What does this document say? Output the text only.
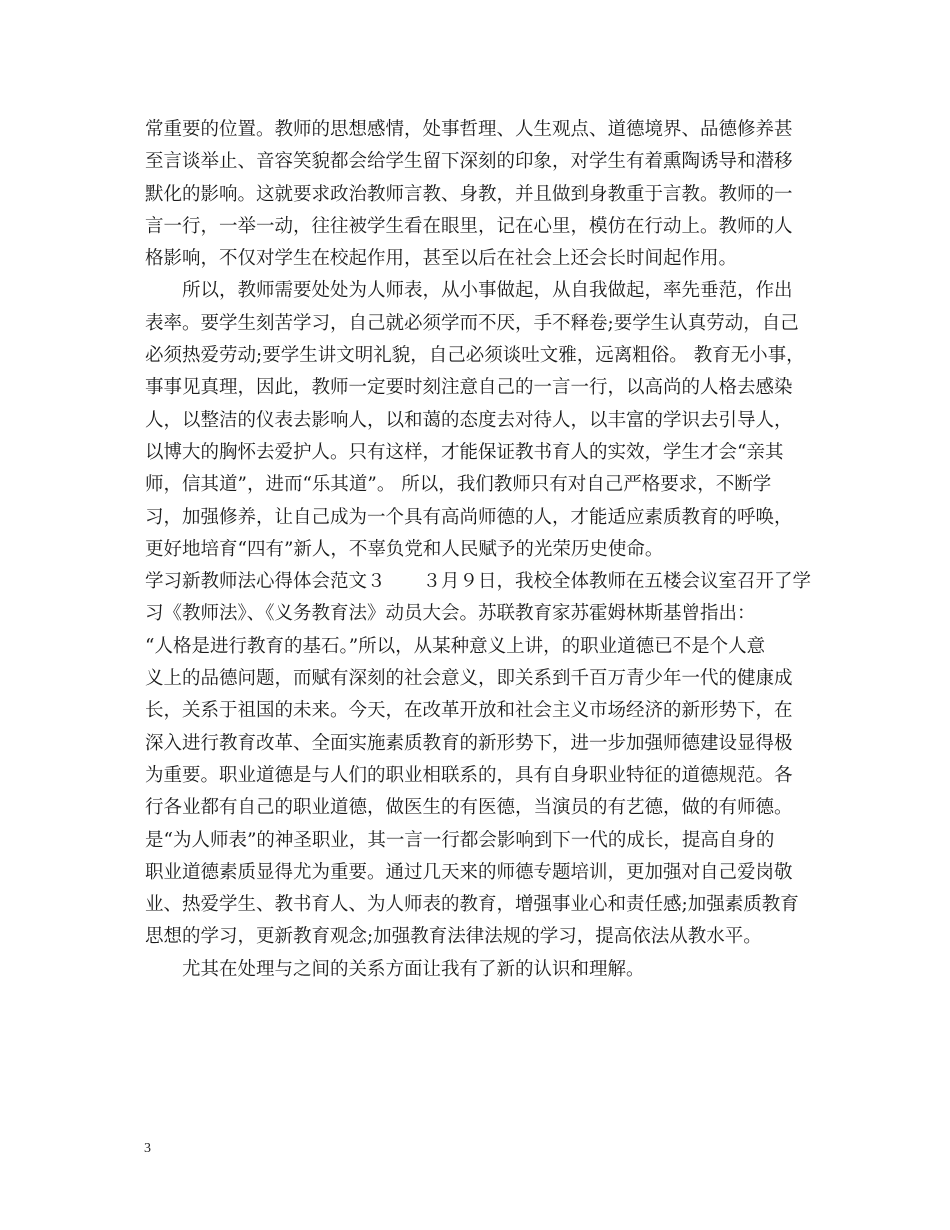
常重要的位置。教师的思想感情，处事哲理、人生观点、道德境界、品德修养甚
至言谈举止、音容笑貌都会给学生留下深刻的印象，对学生有着熏陶诱导和潜移
默化的影响。这就要求政治教师言教、身教，并且做到身教重于言教。教师的一
言一行，一举一动，往往被学生看在眼里，记在心里，模仿在行动上。教师的人
格影响，不仅对学生在校起作用，甚至以后在社会上还会长时间起作用。
　　所以，教师需要处处为人师表，从小事做起，从自我做起，率先垂范，作出
表率。要学生刻苦学习，自己就必须学而不厌，手不释卷;要学生认真劳动，自己
必须热爱劳动;要学生讲文明礼貌，自己必须谈吐文雅，远离粗俗。 教育无小事，
事事见真理，因此，教师一定要时刻注意自己的一言一行，以高尚的人格去感染
人，以整洁的仪表去影响人，以和蔼的态度去对待人，以丰富的学识去引导人，
以博大的胸怀去爱护人。只有这样，才能保证教书育人的实效，学生才会“亲其
师，信其道”，进而“乐其道”。 所以，我们教师只有对自己严格要求，不断学
习，加强修养，让自己成为一个具有高尚师德的人，才能适应素质教育的呼唤，
更好地培育“四有”新人，不辜负党和人民赋予的光荣历史使命。
学习新教师法心得体会范文３　　３月９日，我校全体教师在五楼会议室召开了学
习《教师法》、《义务教育法》动员大会。苏联教育家苏霍姆林斯基曾指出：
“人格是进行教育的基石。”所以，从某种意义上讲，的职业道德已不是个人意
义上的品德问题，而赋有深刻的社会意义，即关系到千百万青少年一代的健康成
长，关系于祖国的未来。今天，在改革开放和社会主义市场经济的新形势下，在
深入进行教育改革、全面实施素质教育的新形势下，进一步加强师德建设显得极
为重要。职业道德是与人们的职业相联系的，具有自身职业特征的道德规范。各
行各业都有自己的职业道德，做医生的有医德，当演员的有艺德，做的有师德。
是“为人师表”的神圣职业，其一言一行都会影响到下一代的成长，提高自身的
职业道德素质显得尤为重要。通过几天来的师德专题培训，更加强对自己爱岗敬
业、热爱学生、教书育人、为人师表的教育，增强事业心和责任感;加强素质教育
思想的学习，更新教育观念;加强教育法律法规的学习，提高依法从教水平。
　　尤其在处理与之间的关系方面让我有了新的认识和理解。
3
